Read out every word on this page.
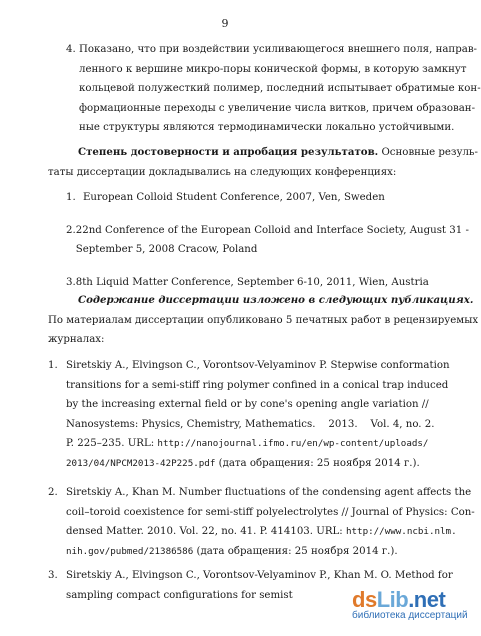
9
4. Показано, что при воздействии усиливающегося внешнего поля, направ-
ленного к вершине микро-поры конической формы, в которую замкнут
кольцевой полужесткий полимер, последний испытывает обратимые кон-
формационные переходы с увеличение числа витков, причем образован-
ные структуры являются термодинамически локально устойчивыми.
Степень достоверности и апробация результатов. Основные резуль-
таты диссертации докладывались на следующих конференциях:
1. European Colloid Student Conference, 2007, Ven, Sweden
2. 22nd Conference of the European Colloid and Interface Society, August 31 -
September 5, 2008 Cracow, Poland
3. 8th Liquid Matter Conference, September 6-10, 2011, Wien, Austria
Содержание диссертации изложено в следующих публикациях.
По материалам диссертации опубликовано 5 печатных работ в рецензируемых
журналах:
1. Siretskiy A., Elvingson C., Vorontsov-Velyaminov P. Stepwise conformation
transitions for a semi-stiff ring polymer confined in a conical trap induced
by the increasing external field or by cone's opening angle variation //
Nanosystems: Physics, Chemistry, Mathematics.    2013.    Vol. 4, no. 2.
P. 225–235. URL: http://nanojournal.ifmo.ru/en/wp-content/uploads/
2013/04/NPCM2013-42P225.pdf (дата обращения: 25 ноября 2014 г.).
2. Siretskiy A., Khan M. Number fluctuations of the condensing agent affects the
coil–toroid coexistence for semi-stiff polyelectrolytes // Journal of Physics: Con-
densed Matter. 2010. Vol. 22, no. 41. P. 414103. URL: http://www.ncbi.nlm.
nih.gov/pubmed/21386586 (дата обращения: 25 ноября 2014 г.).
3. Siretskiy A., Elvingson C., Vorontsov-Velyaminov P., Khan M. O. Method for
sampling compact configurations for semist	dsLib.net
библиотека диссертаций
